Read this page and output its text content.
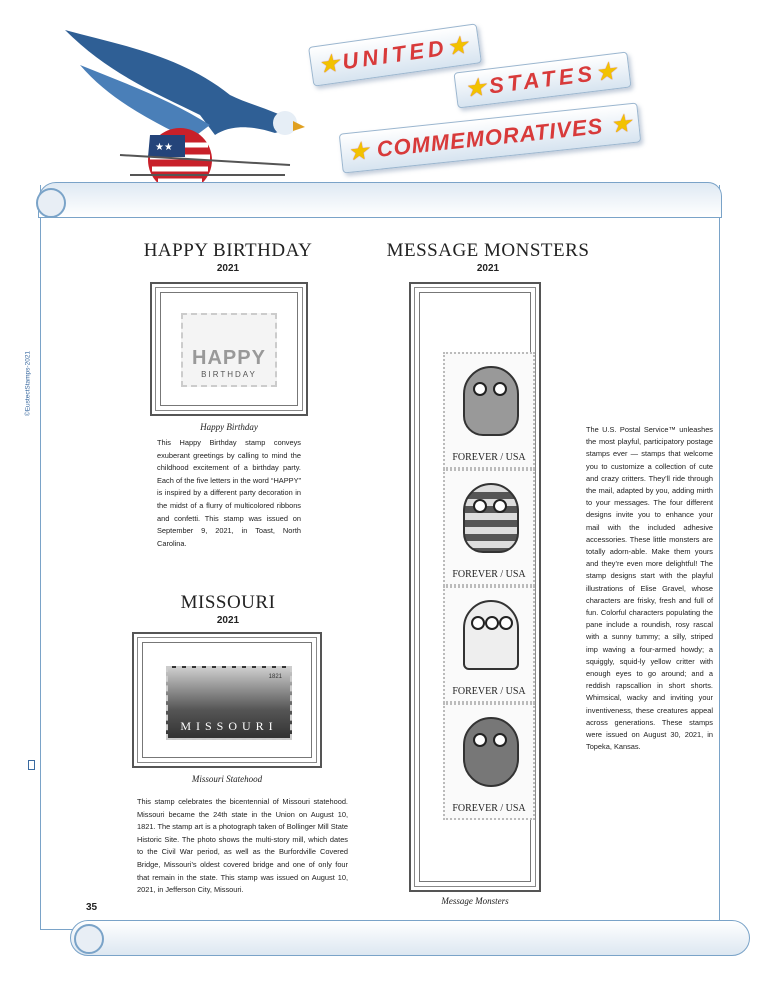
★★
★
UNITED
★
★
STATES
★
★ COMMEMORATIVES ★
©EustectStamps-2021
HAPPY BIRTHDAY
2021
HAPPY
BIRTHDAY
Happy Birthday
This Happy Birthday stamp conveys exuberant greetings by calling to mind the childhood excitement of a birthday party. Each of the five letters in the word “HAPPY” is inspired by a different party decoration in the midst of a flurry of multicolored ribbons and confetti. This stamp was issued on September 9, 2021, in Toast, North Carolina.
MISSOURI
2021
1821
MISSOURI
Missouri Statehood
This stamp celebrates the bicentennial of Missouri statehood. Missouri became the 24th state in the Union on August 10, 1821. The stamp art is a photograph taken of Bollinger Mill State Historic Site. The photo shows the multi-story mill, which dates to the Civil War period, as well as the Burfordville Covered Bridge, Missouri’s oldest covered bridge and one of only four that remain in the state. This stamp was issued on August 10, 2021, in Jefferson City, Missouri.
MESSAGE MONSTERS
2021
FOREVER / USA
FOREVER / USA
FOREVER / USA
FOREVER / USA
Message Monsters
The U.S. Postal Service™ unleashes the most playful, participatory postage stamps ever — stamps that welcome you to customize a collection of cute and crazy critters. They’ll ride through the mail, adapted by you, adding mirth to your messages. The four different designs invite you to enhance your mail with the included adhesive accessories. These little monsters are totally adorn-able. Make them yours and they’re even more delightful! The stamp designs start with the playful illustrations of Elise Gravel, whose characters are frisky, fresh and full of fun. Colorful characters populating the pane include a roundish, rosy rascal with a sunny tummy; a silly, striped imp waving a four-armed howdy; a squiggly, squid-ly yellow critter with enough eyes to go around; and a reddish rapscallion in short shorts. Whimsical, wacky and inviting your inventiveness, these creatures appeal across generations. These stamps were issued on August 30, 2021, in Topeka, Kansas.
35
